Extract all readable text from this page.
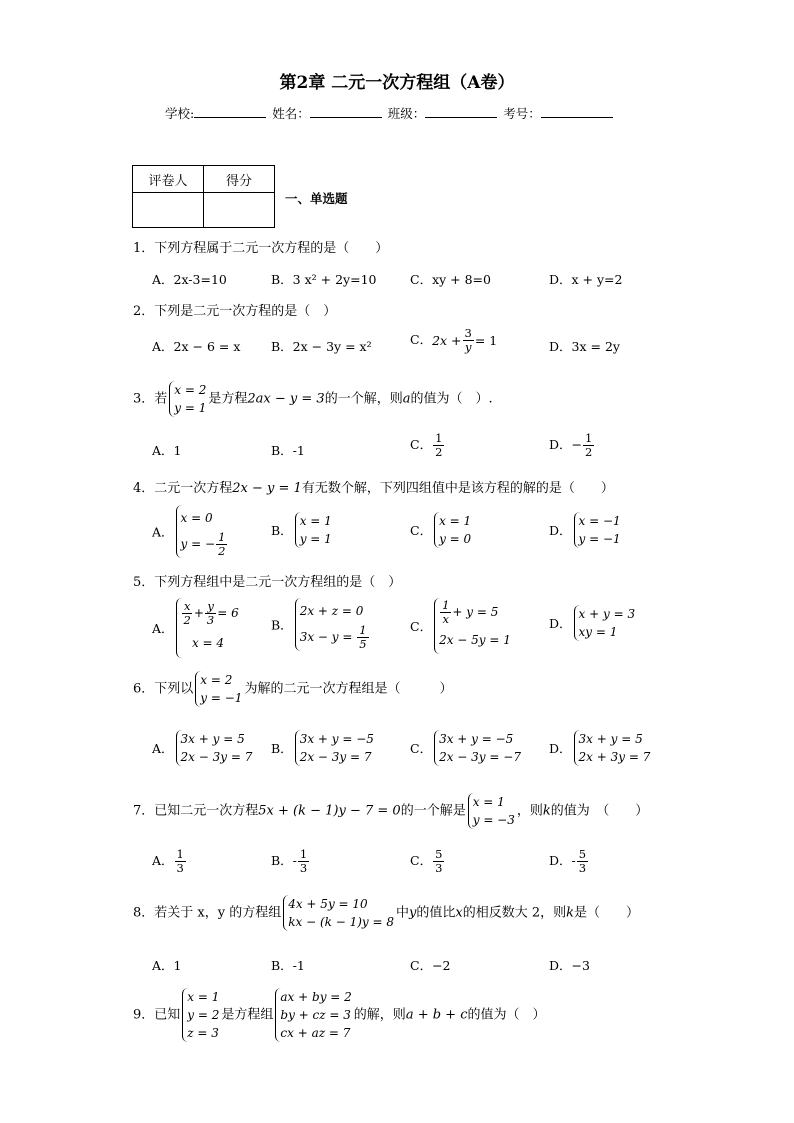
第2章 二元一次方程组（A卷）
学校:	姓名：	班级：	考号：
评卷人	得分

一、单选题
1．下列方程属于二元一次方程的是（　　）
A．2x-3=10	B．3 x² + 2y=10	C．xy + 8=0	D．x + y=2
2．下列是二元一次方程的是（　）
A．2x − 6 = x B．2x − 3y = x²	C．$2x + \frac{3}{y} = 1$	D．3x = 2y
3．若x = 2
y = 1是方程2ax − y = 3的一个解，则a的值为（　）.
A．1	B．-1	C． $\frac{1}{2}$	D．− $\frac{1}{2}$
4．二元一次方程2x − y = 1有无数个解，下列四组值中是该方程的解的是（　　）
A．x = 0
y = − $\frac{1}{2}$
B．x = 1
y = 1
C．x = 1
y = 0
D．x = −1
y = −1
5．下列方程组中是二元一次方程组的是（　）
A．
$\frac{x}{2} + \frac{y}{3} = 6$
x = 4
B．2x + z = 0
$3x - y = \frac{1}{5}$	C．
$\frac{1}{x} + y = 5$
2x − 5y = 1
D．x + y = 3
xy = 1
6．下列以x = 2
y = −1为解的二元一次方程组是（　　　）
A．3x + y = 5
2x − 3y = 7
B．3x + y = −5
2x − 3y = 7
C．3x + y = −5
2x − 3y = −7
D．3x + y = 5
2x + 3y = 7
7．已知二元一次方程5x + (k − 1)y − 7 = 0的一个解是x = 1
y = −3，则k的值为　（　　）
A． $\frac{1}{3}$	B．- $\frac{1}{3}$	C． $\frac{5}{3}$	D．- $\frac{5}{3}$
8．若关于 x，y 的方程组4x + 5y = 10
kx − (k − 1)y = 8中y的值比x的相反数大 2，则k是（　　）
A．1	B．-1	C．−2	D．−3
9．已知x = 1
y = 2
z = 3是方程组ax + by = 2
by + cz = 3
cx + az = 7的解，则a + b + c的值为（　）
